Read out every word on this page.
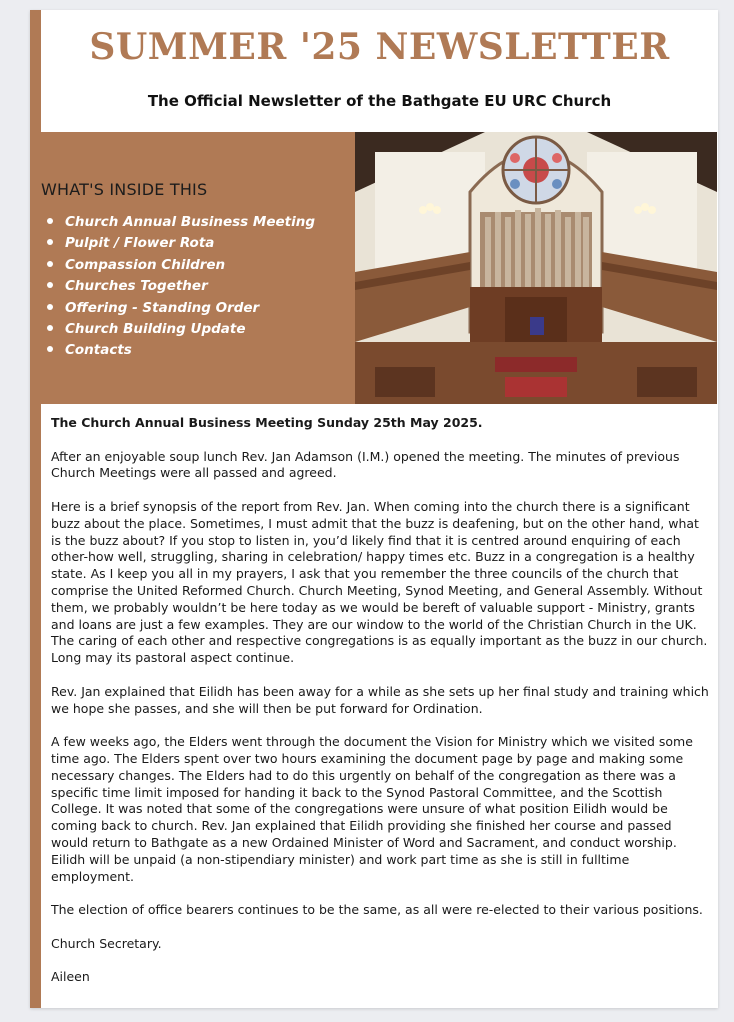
SUMMER '25 NEWSLETTER
The Official Newsletter of the Bathgate EU URC Church
WHAT'S INSIDE THIS
Church Annual Business Meeting
Pulpit / Flower Rota
Compassion Children
Churches Together
Offering - Standing Order
Church Building Update
Contacts

The Church Annual Business Meeting Sunday 25th May 2025.

After an enjoyable soup lunch Rev. Jan Adamson (I.M.) opened the meeting. The minutes of previous Church Meetings were all passed and agreed.

Here is a brief synopsis of the report from Rev. Jan. When coming into the church there is a significant buzz about the place. Sometimes, I must admit that the buzz is deafening, but on the other hand, what is the buzz about? If you stop to listen in, you’d likely find that it is centred around enquiring of each other-how well, struggling, sharing in celebration/ happy times etc. Buzz in a congregation is a healthy state. As I keep you all in my prayers, I ask that you remember the three councils of the church that comprise the United Reformed Church. Church Meeting, Synod Meeting, and General Assembly. Without them, we probably wouldn’t be here today as we would be bereft of valuable support - Ministry, grants and loans are just a few examples. They are our window to the world of the Christian Church in the UK. The caring of each other and respective congregations is as equally important as the buzz in our church. Long may its pastoral aspect continue.

Rev. Jan explained that Eilidh has been away for a while as she sets up her final study and training which we hope she passes, and she will then be put forward for Ordination.

A few weeks ago, the Elders went through the document the Vision for Ministry which we visited some time ago. The Elders spent over two hours examining the document page by page and making some necessary changes. The Elders had to do this urgently on behalf of the congregation as there was a specific time limit imposed for handing it back to the Synod Pastoral Committee, and the Scottish College. It was noted that some of the congregations were unsure of what position Eilidh would be coming back to church. Rev. Jan explained that Eilidh providing she finished her course and passed would return to Bathgate as a new Ordained Minister of Word and Sacrament, and conduct worship. Eilidh will be unpaid (a non-stipendiary minister) and work part time as she is still in fulltime employment.

The election of office bearers continues to be the same, as all were re-elected to their various positions.

Church Secretary.

Aileen
